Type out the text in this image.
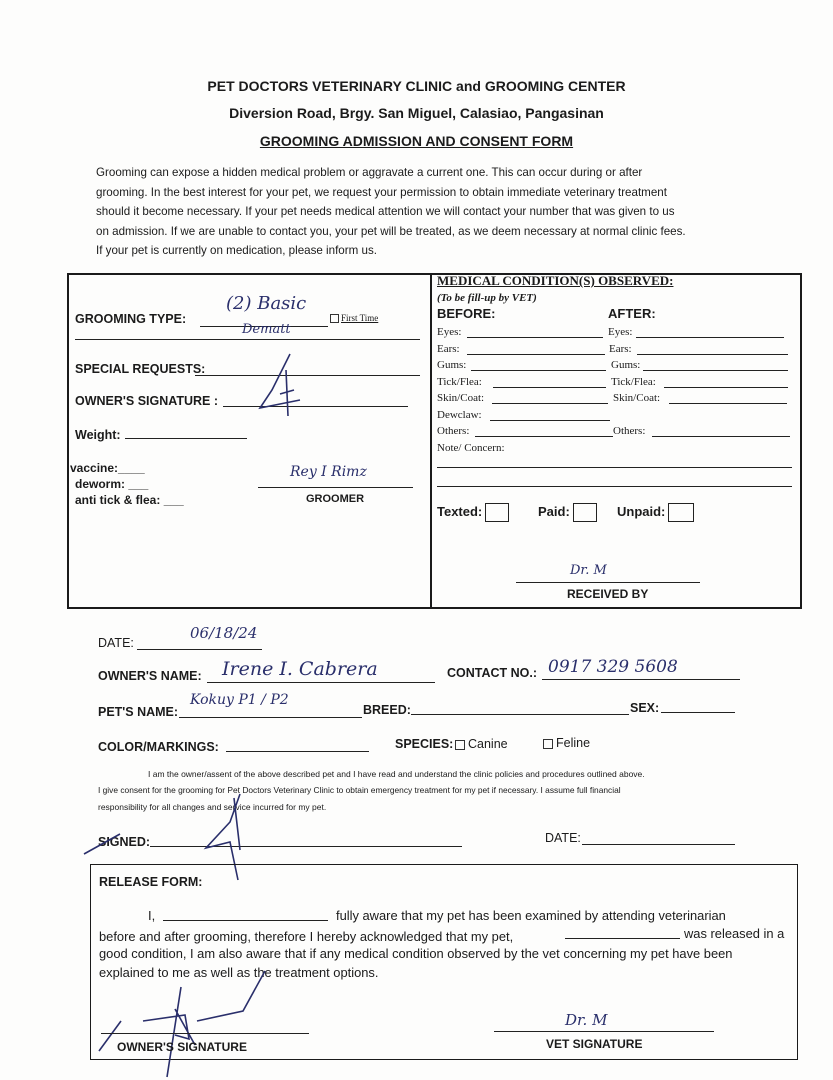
PET DOCTORS VETERINARY CLINIC and GROOMING CENTER
Diversion Road, Brgy. San Miguel, Calasiao, Pangasinan
GROOMING ADMISSION AND CONSENT FORM
Grooming can expose a hidden medical problem or aggravate a current one. This can occur during or after
grooming. In the best interest for your pet, we request your permission to obtain immediate veterinary treatment
should it become necessary. If your pet needs medical attention we will contact your number that was given to us
on admission. If we are unable to contact you, your pet will be treated, as we deem necessary at normal clinic fees.
If your pet is currently on medication, please inform us.
GROOMING TYPE:
(2) Basic
Dematt
First Time
SPECIAL REQUESTS:
OWNER'S SIGNATURE :
Weight:
vaccine:____
deworm: ___
anti tick & flea: ___
Rey I Rimz
GROOMER
MEDICAL CONDITION(S) OBSERVED:
(To be fill-up by VET)
BEFORE:	AFTER:
Eyes:	Eyes:
Ears:	Ears:
Gums:	Gums:
Tick/Flea:	Tick/Flea:
Skin/Coat:	Skin/Coat:
Dewclaw:
Others:	Others:
Note/ Concern:
Texted:	Paid:	Unpaid:
Dr. M
RECEIVED BY
DATE:
06/18/24
OWNER'S NAME: Irene I. Cabrera	CONTACT NO.: 0917 329 5608
PET'S NAME:
Kokuy P1 / P2
BREED:	SEX:
COLOR/MARKINGS:	SPECIES:	Canine	Feline
I am the owner/assent of the above described pet and I have read and understand the clinic policies and procedures outlined above.
I give consent for the grooming for Pet Doctors Veterinary Clinic to obtain emergency treatment for my pet if necessary. I assume full financial
responsibility for all changes and service incurred for my pet.
SIGNED:	DATE:
RELEASE FORM:
I,	fully aware that my pet has been examined by attending veterinarian
before and after grooming, therefore I hereby acknowledged that my pet,	was released in a
good condition, I am also aware that if any medical condition observed by the vet concerning my pet have been
explained to me as well as the treatment options.
OWNER'S SIGNATURE
Dr. M
VET SIGNATURE
